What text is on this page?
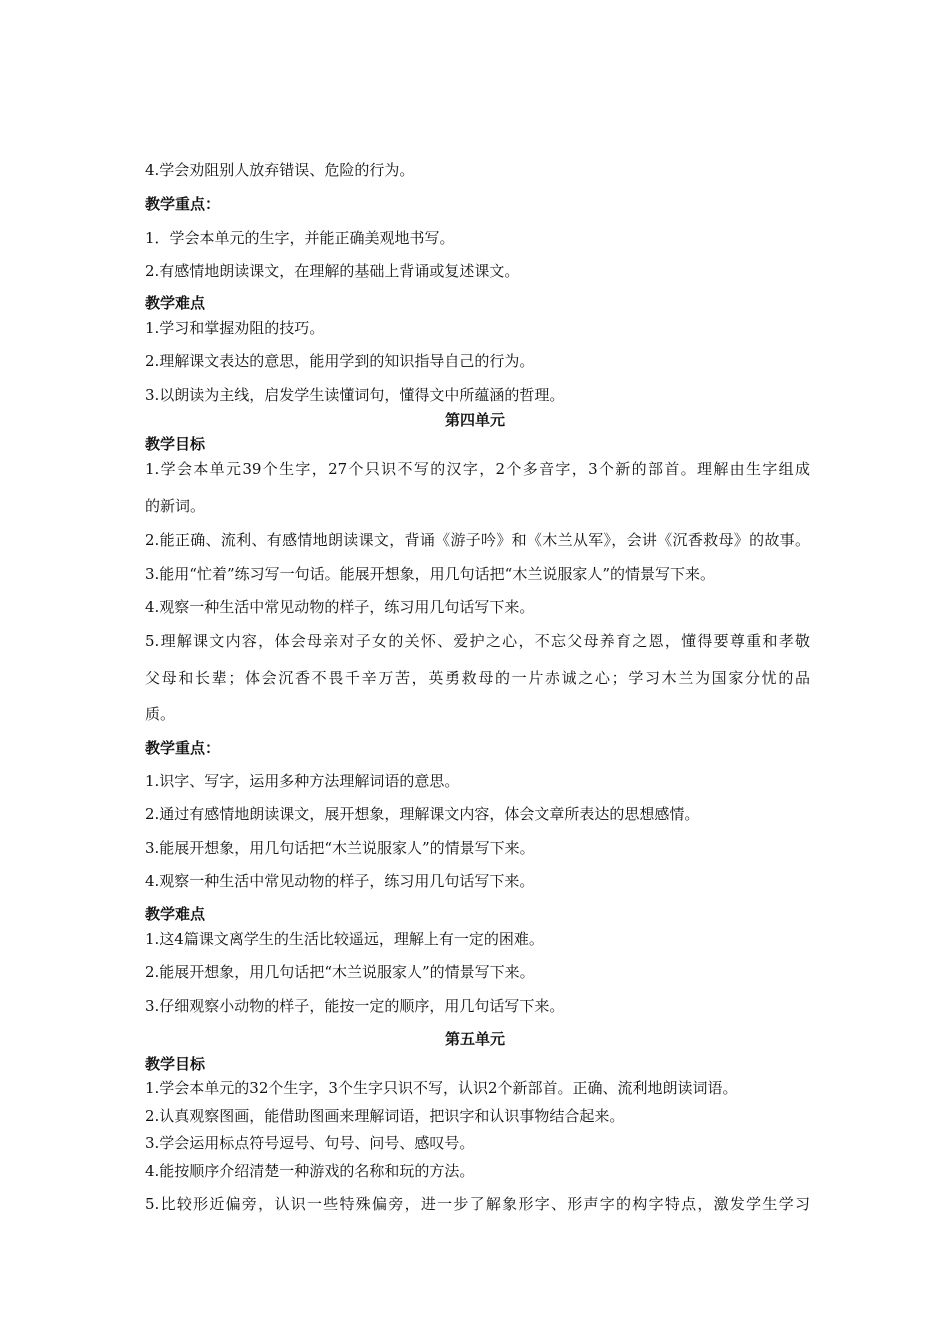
4.学会劝阻别人放弃错误、危险的行为。
教学重点：
1．学会本单元的生字，并能正确美观地书写。
2.有感情地朗读课文，在理解的基础上背诵或复述课文。
教学难点
1.学习和掌握劝阻的技巧。
2.理解课文表达的意思，能用学到的知识指导自己的行为。
3.以朗读为主线，启发学生读懂词句，懂得文中所蕴涵的哲理。
第四单元
教学目标
1.学会本单元39个生字，27个只识不写的汉字，2个多音字，3个新的部首。理解由生字组成
的新词。
2.能正确、流利、有感情地朗读课文，背诵《游子吟》和《木兰从军》，会讲《沉香救母》的故事。
3.能用“忙着”练习写一句话。能展开想象，用几句话把“木兰说服家人”的情景写下来。
4.观察一种生活中常见动物的样子，练习用几句话写下来。
5.理解课文内容，体会母亲对子女的关怀、爱护之心，不忘父母养育之恩，懂得要尊重和孝敬
父母和长辈；体会沉香不畏千辛万苦，英勇救母的一片赤诚之心；学习木兰为国家分忧的品
质。
教学重点：
1.识字、写字，运用多种方法理解词语的意思。
2.通过有感情地朗读课文，展开想象，理解课文内容，体会文章所表达的思想感情。
3.能展开想象，用几句话把“木兰说服家人”的情景写下来。
4.观察一种生活中常见动物的样子，练习用几句话写下来。
教学难点
1.这4篇课文离学生的生活比较遥远，理解上有一定的困难。
2.能展开想象，用几句话把“木兰说服家人”的情景写下来。
3.仔细观察小动物的样子，能按一定的顺序，用几句话写下来。
第五单元
教学目标
1.学会本单元的32个生字，3个生字只识不写，认识2个新部首。正确、流利地朗读词语。
2.认真观察图画，能借助图画来理解词语，把识字和认识事物结合起来。
3.学会运用标点符号逗号、句号、问号、感叹号。
4.能按顺序介绍清楚一种游戏的名称和玩的方法。
5.比较形近偏旁，认识一些特殊偏旁，进一步了解象形字、形声字的构字特点，激发学生学习
